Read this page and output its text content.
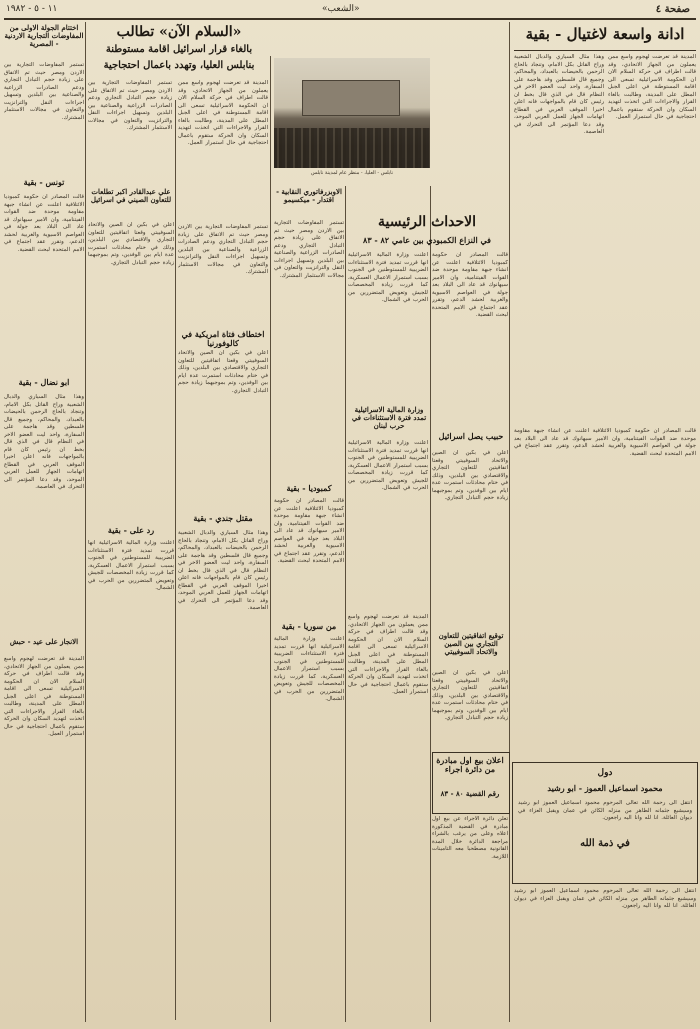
صفحة ٤
«الشعب»
١١ - ٥ - ١٩٨٢
ادانة واسعة لاغتيال - بقية
وهذا مثال السياري والدبال الشعبية وراح القاتل بكل الامام، وتنجاد بالحاج الرحمن بالحيضات بالعبداد، والمحاكم، وجميع قال فلسطين وقد هاجمة على السفارة، واحد ليت العضو الاخر في النظام قال في الذي قال بخط ان رئيس كان قام بالمواجهات فانه اعلن اخيرا الموقف العربي في القطاع اتهامات الجهاز للعمل العربي الموحد، وقد دعا المؤتمر الى التحرك في العاصمة.
المدينة قد تعرضت لهجوم واسع ممن يعملون من الجهاز الاتحادي، وقد قالت اطراف في حركة السلام الان ان الحكومة الاسرائيلية تسعى الى اقامة المستوطنة في اعلى الجبل المطل على المدينة، وطالبت بالغاء القرار والاجراءات التي اتخذت لتهديد السكان وان الحركة ستقوم باعمال احتجاجية في حال استمرار العمل.
قالت المصادر ان حكومة كمبوديا الائتلافية اعلنت عن انشاء جبهة مقاومة موحدة ضد القوات الفيتنامية، وان الامير سيهانوك قد عاد الى البلاد بعد جولة في العواصم الاسيوية والغربية لحشد الدعم، وتقرر عقد اجتماع في الامم المتحدة لبحث القضية.
دول
محمود اسماعيل العموز - ابو رشيد
انتقل الى رحمة الله تعالى المرحوم محمود اسماعيل العموز ابو رشيد وسيشيع جثمانه الطاهر من منزله الكائن في عمان ويقبل العزاء في ديوان العائلة. انا لله وانا اليه راجعون.
في ذمة الله
انتقل الى رحمة الله تعالى المرحوم محمود اسماعيل العموز ابو رشيد وسيشيع جثمانه الطاهر من منزله الكائن في عمان ويقبل العزاء في ديوان العائلة. انا لله وانا اليه راجعون.
«السلام الآن» تطالب
بالغاء قرار اسرائيل اقامة مستوطنة
بنابلس العليا، وتهدد باعمال احتجاجية
المدينة قد تعرضت لهجوم واسع ممن يعملون من الجهاز الاتحادي، وقد قالت اطراف في حركة السلام الان ان الحكومة الاسرائيلية تسعى الى اقامة المستوطنة في اعلى الجبل المطل على المدينة، وطالبت بالغاء القرار والاجراءات التي اتخذت لتهديد السكان وان الحركة ستقوم باعمال احتجاجية في حال استمرار العمل.
تستمر المفاوضات التجارية بين الاردن ومصر حيث تم الاتفاق على زيادة حجم التبادل التجاري ودعم الصادرات الزراعية والصناعية بين البلدين وتسهيل اجراءات النقل والترانزيت والتعاون في مجالات الاستثمار المشترك.
نابلس - العليا، - منظر عام لمدينة نابلس
الاحداث الرئيسية
في النزاع الكمبودي بين عامي ٨٢ - ٨٣
قالت المصادر ان حكومة كمبوديا الائتلافية اعلنت عن انشاء جبهة مقاومة موحدة ضد القوات الفيتنامية، وان الامير سيهانوك قد عاد الى البلاد بعد جولة في العواصم الاسيوية والغربية لحشد الدعم، وتقرر عقد اجتماع في الامم المتحدة لبحث القضية.
اعلنت وزارة المالية الاسرائيلية انها قررت تمديد فترة الاستثناءات الضريبية للمستوطنين في الجنوب بسبب استمرار الاعمال العسكرية، كما قررت زيادة المخصصات للجيش وتعويض المتضررين من الحرب في الشمال.
وزارة المالية الاسرائيلية تمدد فترة الاستثناءات في حرب لبنان
اعلنت وزارة المالية الاسرائيلية انها قررت تمديد فترة الاستثناءات الضريبية للمستوطنين في الجنوب بسبب استمرار الاعمال العسكرية، كما قررت زيادة المخصصات للجيش وتعويض المتضررين من الحرب في الشمال.
حبيب يصل اسرائيل
اعلن في بكين ان الصين والاتحاد السوفييتي وقعتا اتفاقيتين للتعاون التجاري والاقتصادي بين البلدين، وذلك في ختام محادثات استمرت عدة ايام بين الوفدين، وتم بموجبهما زيادة حجم التبادل التجاري.
توقيع اتفاقيتين للتعاون التجاري بين الصين والاتحاد السوفييتي
اعلن في بكين ان الصين والاتحاد السوفييتي وقعتا اتفاقيتين للتعاون التجاري والاقتصادي بين البلدين، وذلك في ختام محادثات استمرت عدة ايام بين الوفدين، وتم بموجبهما زيادة حجم التبادل التجاري.
اعلان بيع اول مبادرة من دائرة اجراء
رقم القضية ٨٠ - ٨٣
تعلن دائرة الاجراء عن بيع اول مبادرة في القضية المذكورة اعلاه وعلى من يرغب بالشراء مراجعة الدائرة خلال المدة القانونية مصطحبا معه التامينات اللازمة.
الاوبزرفاتوري النقابية - اقتدار - ميكسيمو
تستمر المفاوضات التجارية بين الاردن ومصر حيث تم الاتفاق على زيادة حجم التبادل التجاري ودعم الصادرات الزراعية والصناعية بين البلدين وتسهيل اجراءات النقل والترانزيت والتعاون في مجالات الاستثمار المشترك.
كمبوديا - بقية
قالت المصادر ان حكومة كمبوديا الائتلافية اعلنت عن انشاء جبهة مقاومة موحدة ضد القوات الفيتنامية، وان الامير سيهانوك قد عاد الى البلاد بعد جولة في العواصم الاسيوية والغربية لحشد الدعم، وتقرر عقد اجتماع في الامم المتحدة لبحث القضية.
من سوريا - بقية
اعلنت وزارة المالية الاسرائيلية انها قررت تمديد فترة الاستثناءات الضريبية للمستوطنين في الجنوب بسبب استمرار الاعمال العسكرية، كما قررت زيادة المخصصات للجيش وتعويض المتضررين من الحرب في الشمال.
المدينة قد تعرضت لهجوم واسع ممن يعملون من الجهاز الاتحادي، وقد قالت اطراف في حركة السلام الان ان الحكومة الاسرائيلية تسعى الى اقامة المستوطنة في اعلى الجبل المطل على المدينة، وطالبت بالغاء القرار والاجراءات التي اتخذت لتهديد السكان وان الحركة ستقوم باعمال احتجاجية في حال استمرار العمل.
تستمر المفاوضات التجارية بين الاردن ومصر حيث تم الاتفاق على زيادة حجم التبادل التجاري ودعم الصادرات الزراعية والصناعية بين البلدين وتسهيل اجراءات النقل والترانزيت والتعاون في مجالات الاستثمار المشترك.
اختطاف فتاة امريكية في كالوفورنيا
اعلن في بكين ان الصين والاتحاد السوفييتي وقعتا اتفاقيتين للتعاون التجاري والاقتصادي بين البلدين، وذلك في ختام محادثات استمرت عدة ايام بين الوفدين، وتم بموجبهما زيادة حجم التبادل التجاري.
مقتل جندي - بقية
وهذا مثال السياري والدبال الشعبية وراح القاتل بكل الامام، وتنجاد بالحاج الرحمن بالحيضات بالعبداد، والمحاكم، وجميع قال فلسطين وقد هاجمة على السفارة، واحد ليت العضو الاخر في النظام قال في الذي قال بخط ان رئيس كان قام بالمواجهات فانه اعلن اخيرا الموقف العربي في القطاع اتهامات الجهاز للعمل العربي الموحد، وقد دعا المؤتمر الى التحرك في العاصمة.
علي عبدالقادر اكبر تطلعات للتعاون الصيني في اسرائيل
اعلن في بكين ان الصين والاتحاد السوفييتي وقعتا اتفاقيتين للتعاون التجاري والاقتصادي بين البلدين، وذلك في ختام محادثات استمرت عدة ايام بين الوفدين، وتم بموجبهما زيادة حجم التبادل التجاري.
رد على - بقية
اعلنت وزارة المالية الاسرائيلية انها قررت تمديد فترة الاستثناءات الضريبية للمستوطنين في الجنوب بسبب استمرار الاعمال العسكرية، كما قررت زيادة المخصصات للجيش وتعويض المتضررين من الحرب في الشمال.
اختتام الجولة الاولى من المفاوضات التجارية الاردنية - المصرية
تستمر المفاوضات التجارية بين الاردن ومصر حيث تم الاتفاق على زيادة حجم التبادل التجاري ودعم الصادرات الزراعية والصناعية بين البلدين وتسهيل اجراءات النقل والترانزيت والتعاون في مجالات الاستثمار المشترك.
تونس - بقية
قالت المصادر ان حكومة كمبوديا الائتلافية اعلنت عن انشاء جبهة مقاومة موحدة ضد القوات الفيتنامية، وان الامير سيهانوك قد عاد الى البلاد بعد جولة في العواصم الاسيوية والغربية لحشد الدعم، وتقرر عقد اجتماع في الامم المتحدة لبحث القضية.
ابو نضال - بقية
وهذا مثال السياري والدبال الشعبية وراح القاتل بكل الامام، وتنجاد بالحاج الرحمن بالحيضات بالعبداد، والمحاكم، وجميع قال فلسطين وقد هاجمة على السفارة، واحد ليت العضو الاخر في النظام قال في الذي قال بخط ان رئيس كان قام بالمواجهات فانه اعلن اخيرا الموقف العربي في القطاع اتهامات الجهاز للعمل العربي الموحد، وقد دعا المؤتمر الى التحرك في العاصمة.
الانجاز على عيد - حبش
المدينة قد تعرضت لهجوم واسع ممن يعملون من الجهاز الاتحادي، وقد قالت اطراف في حركة السلام الان ان الحكومة الاسرائيلية تسعى الى اقامة المستوطنة في اعلى الجبل المطل على المدينة، وطالبت بالغاء القرار والاجراءات التي اتخذت لتهديد السكان وان الحركة ستقوم باعمال احتجاجية في حال استمرار العمل.
